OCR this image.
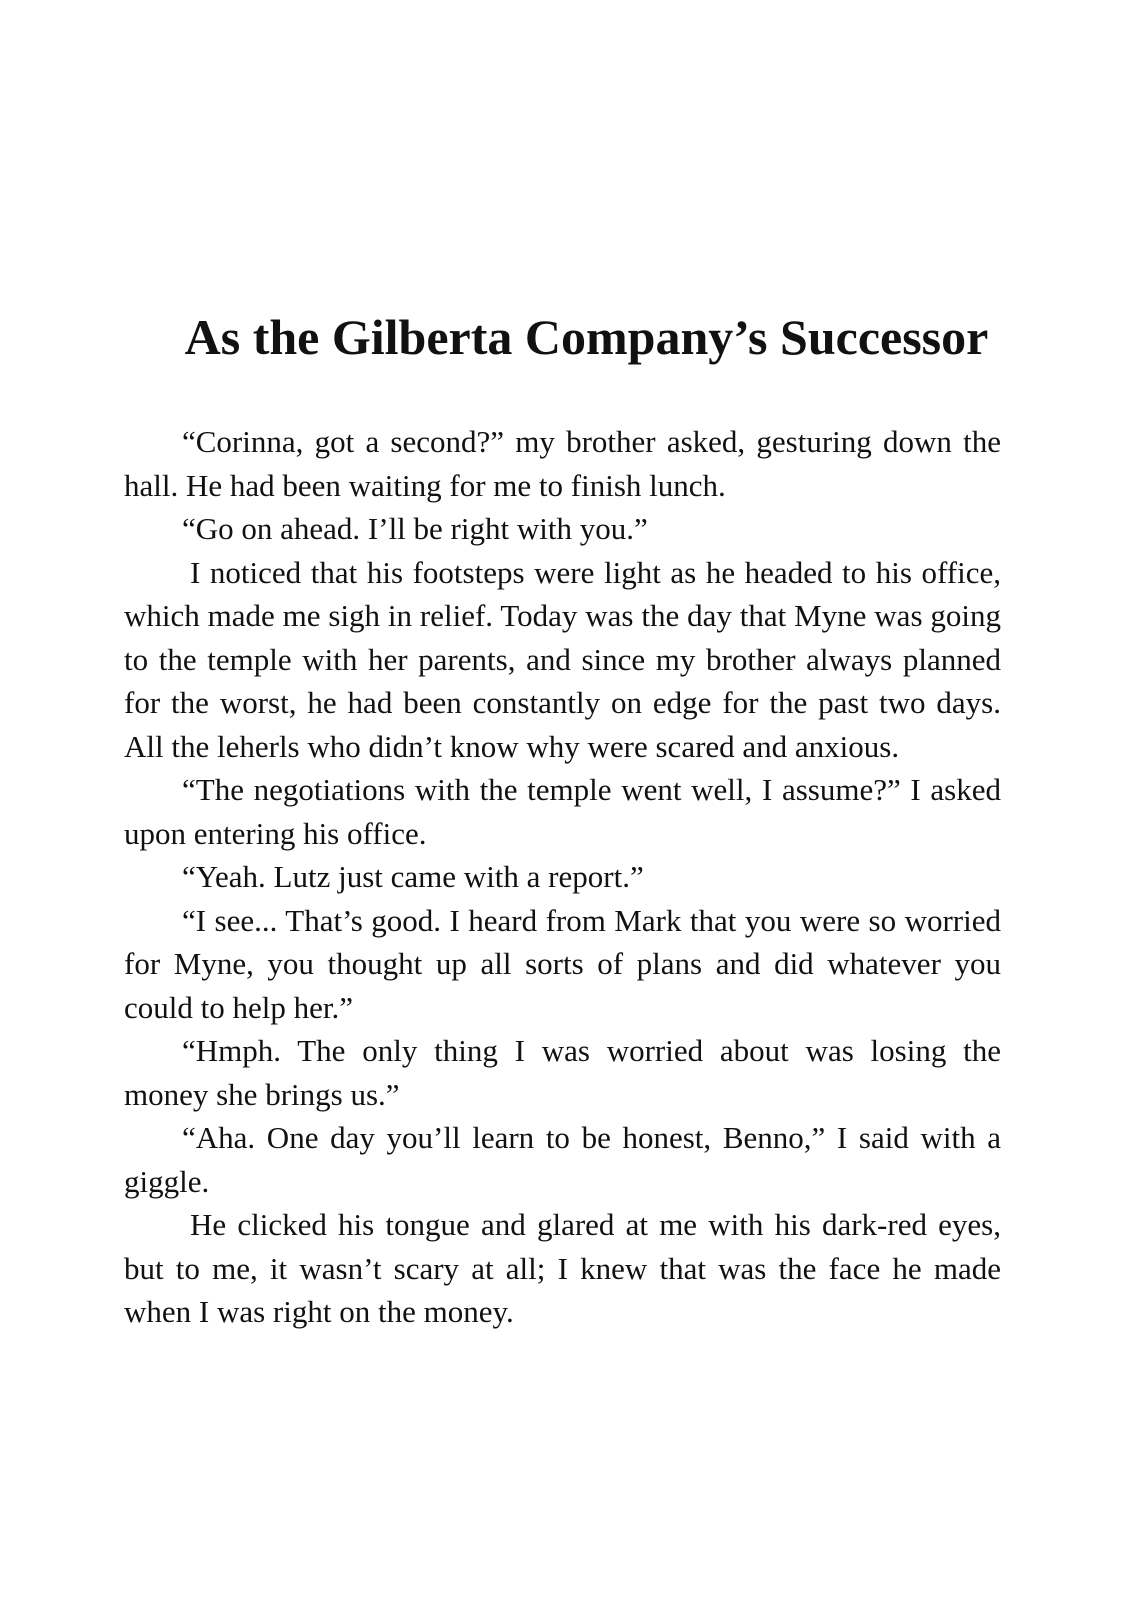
As the Gilberta Company’s Successor

“Corinna, got a second?” my brother asked, gesturing down the hall. He had been waiting for me to finish lunch.

“Go on ahead. I’ll be right with you.”

I noticed that his footsteps were light as he headed to his office, which made me sigh in relief. Today was the day that Myne was going to the temple with her parents, and since my brother always planned for the worst, he had been constantly on edge for the past two days. All the leherls who didn’t know why were scared and anxious.

“The negotiations with the temple went well, I assume?” I asked upon entering his office.

“Yeah. Lutz just came with a report.”

“I see... That’s good. I heard from Mark that you were so worried for Myne, you thought up all sorts of plans and did whatever you could to help her.”

“Hmph. The only thing I was worried about was losing the money she brings us.”

“Aha. One day you’ll learn to be honest, Benno,” I said with a giggle.

He clicked his tongue and glared at me with his dark-red eyes, but to me, it wasn’t scary at all; I knew that was the face he made when I was right on the money.
